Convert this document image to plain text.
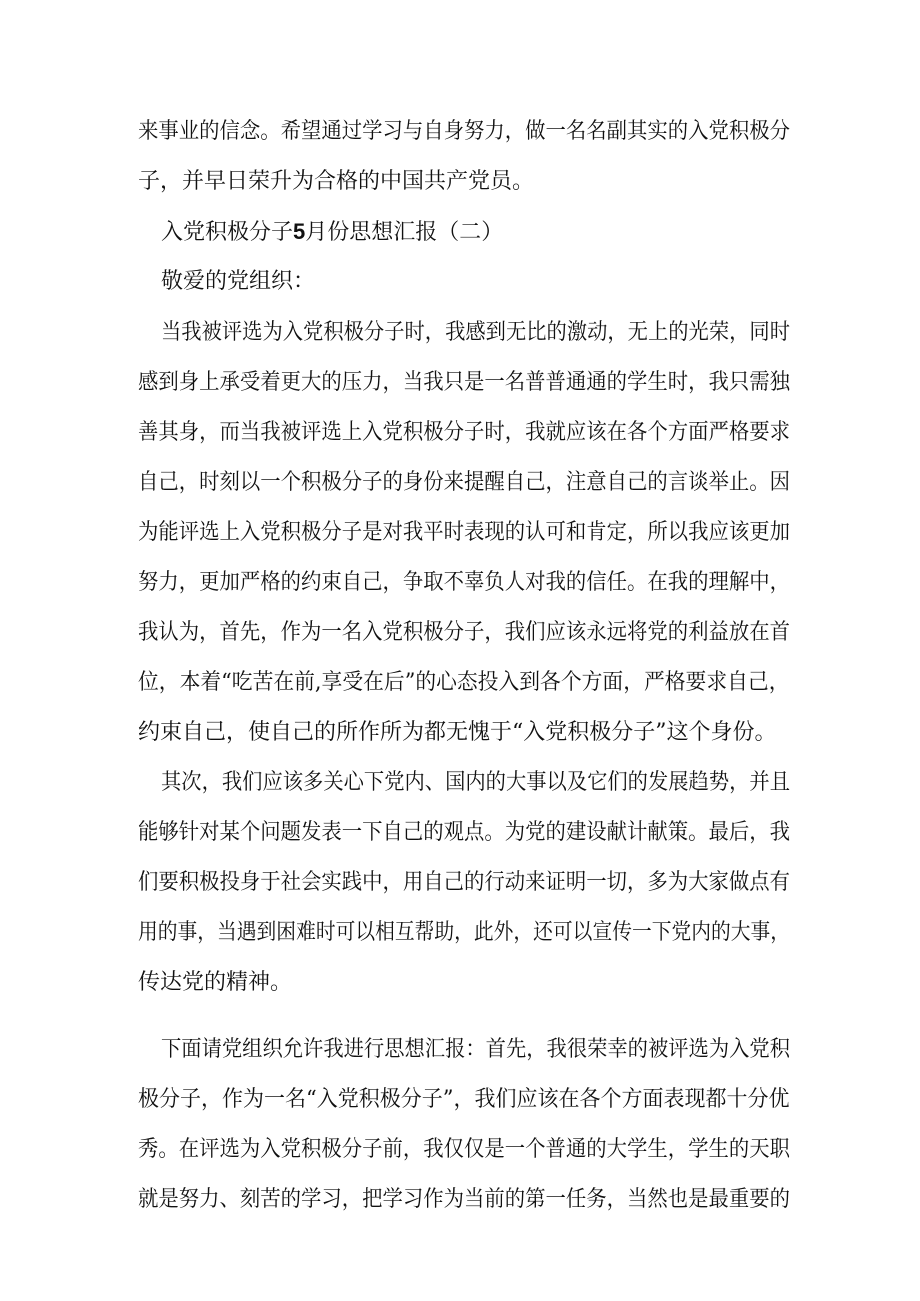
来事业的信念。希望通过学习与自身努力，做一名名副其实的入党积极分
子，并早日荣升为合格的中国共产党员。
入党积极分子5月份思想汇报（二）
敬爱的党组织：
当我被评选为入党积极分子时，我感到无比的激动，无上的光荣，同时
感到身上承受着更大的压力，当我只是一名普普通通的学生时，我只需独
善其身，而当我被评选上入党积极分子时，我就应该在各个方面严格要求
自己，时刻以一个积极分子的身份来提醒自己，注意自己的言谈举止。因
为能评选上入党积极分子是对我平时表现的认可和肯定，所以我应该更加
努力，更加严格的约束自己，争取不辜负人对我的信任。在我的理解中，
我认为，首先，作为一名入党积极分子，我们应该永远将党的利益放在首
位，本着“吃苦在前,享受在后”的心态投入到各个方面，严格要求自己，
约束自己，使自己的所作所为都无愧于“入党积极分子”这个身份。
其次，我们应该多关心下党内、国内的大事以及它们的发展趋势，并且
能够针对某个问题发表一下自己的观点。为党的建设献计献策。最后，我
们要积极投身于社会实践中，用自己的行动来证明一切，多为大家做点有
用的事，当遇到困难时可以相互帮助，此外，还可以宣传一下党内的大事，
传达党的精神。
下面请党组织允许我进行思想汇报：首先，我很荣幸的被评选为入党积
极分子，作为一名“入党积极分子”，我们应该在各个方面表现都十分优
秀。在评选为入党积极分子前，我仅仅是一个普通的大学生，学生的天职
就是努力、刻苦的学习，把学习作为当前的第一任务，当然也是最重要的
